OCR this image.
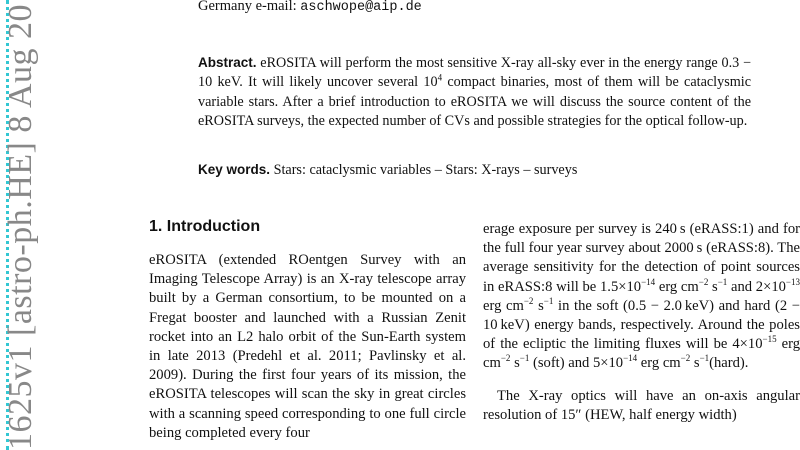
1625v1 [astro-ph.HE] 8 Aug 20	Germany e-mail: aschwope@aip.de
Abstract. eROSITA will perform the most sensitive X-ray all-sky ever in the energy range 0.3 − 10 keV. It will likely uncover several $10^4$ compact binaries, most of them will be cataclysmic variable stars. After a brief introduction to eROSITA we will discuss the source content of the eROSITA surveys, the expected number of CVs and possible strategies for the optical follow-up.
Key words. Stars: cataclysmic variables – Stars: X-rays – surveys
1. Introduction

eROSITA (extended ROentgen Survey with an Imaging Telescope Array) is an X-ray telescope array built by a German consortium, to be mounted on a Fregat booster and launched with a Russian Zenit rocket into an L2 halo orbit of the Sun-Earth system in late 2013 (Predehl et al. 2011; Pavlinsky et al. 2009). During the first four years of its mission, the eROSITA telescopes will scan the sky in great circles with a scanning speed corresponding to one full circle being completed every four

erage exposure per survey is 240 s (eRASS:1) and for the full four year survey about 2000 s (eRASS:8). The average sensitivity for the detection of point sources in eRASS:8 will be $1.5\times 10^{-14}$ erg $cm^{-2}$ $s^{-1}$ and $2\times 10^{-13}$ erg $cm^{-2}$ $s^{-1}$ in the soft (0.5 − 2.0 keV) and hard (2 − 10 keV) energy bands, respectively. Around the poles of the ecliptic the limiting fluxes will be $4\times 10^{-15}$ erg $cm^{-2}$ $s^{-1}$ (soft) and $5\times 10^{-14}$ erg $cm^{-2}$ $s^{-1}(hard)$.

The X-ray optics will have an on-axis angular resolution of 15″ (HEW, half energy width)
